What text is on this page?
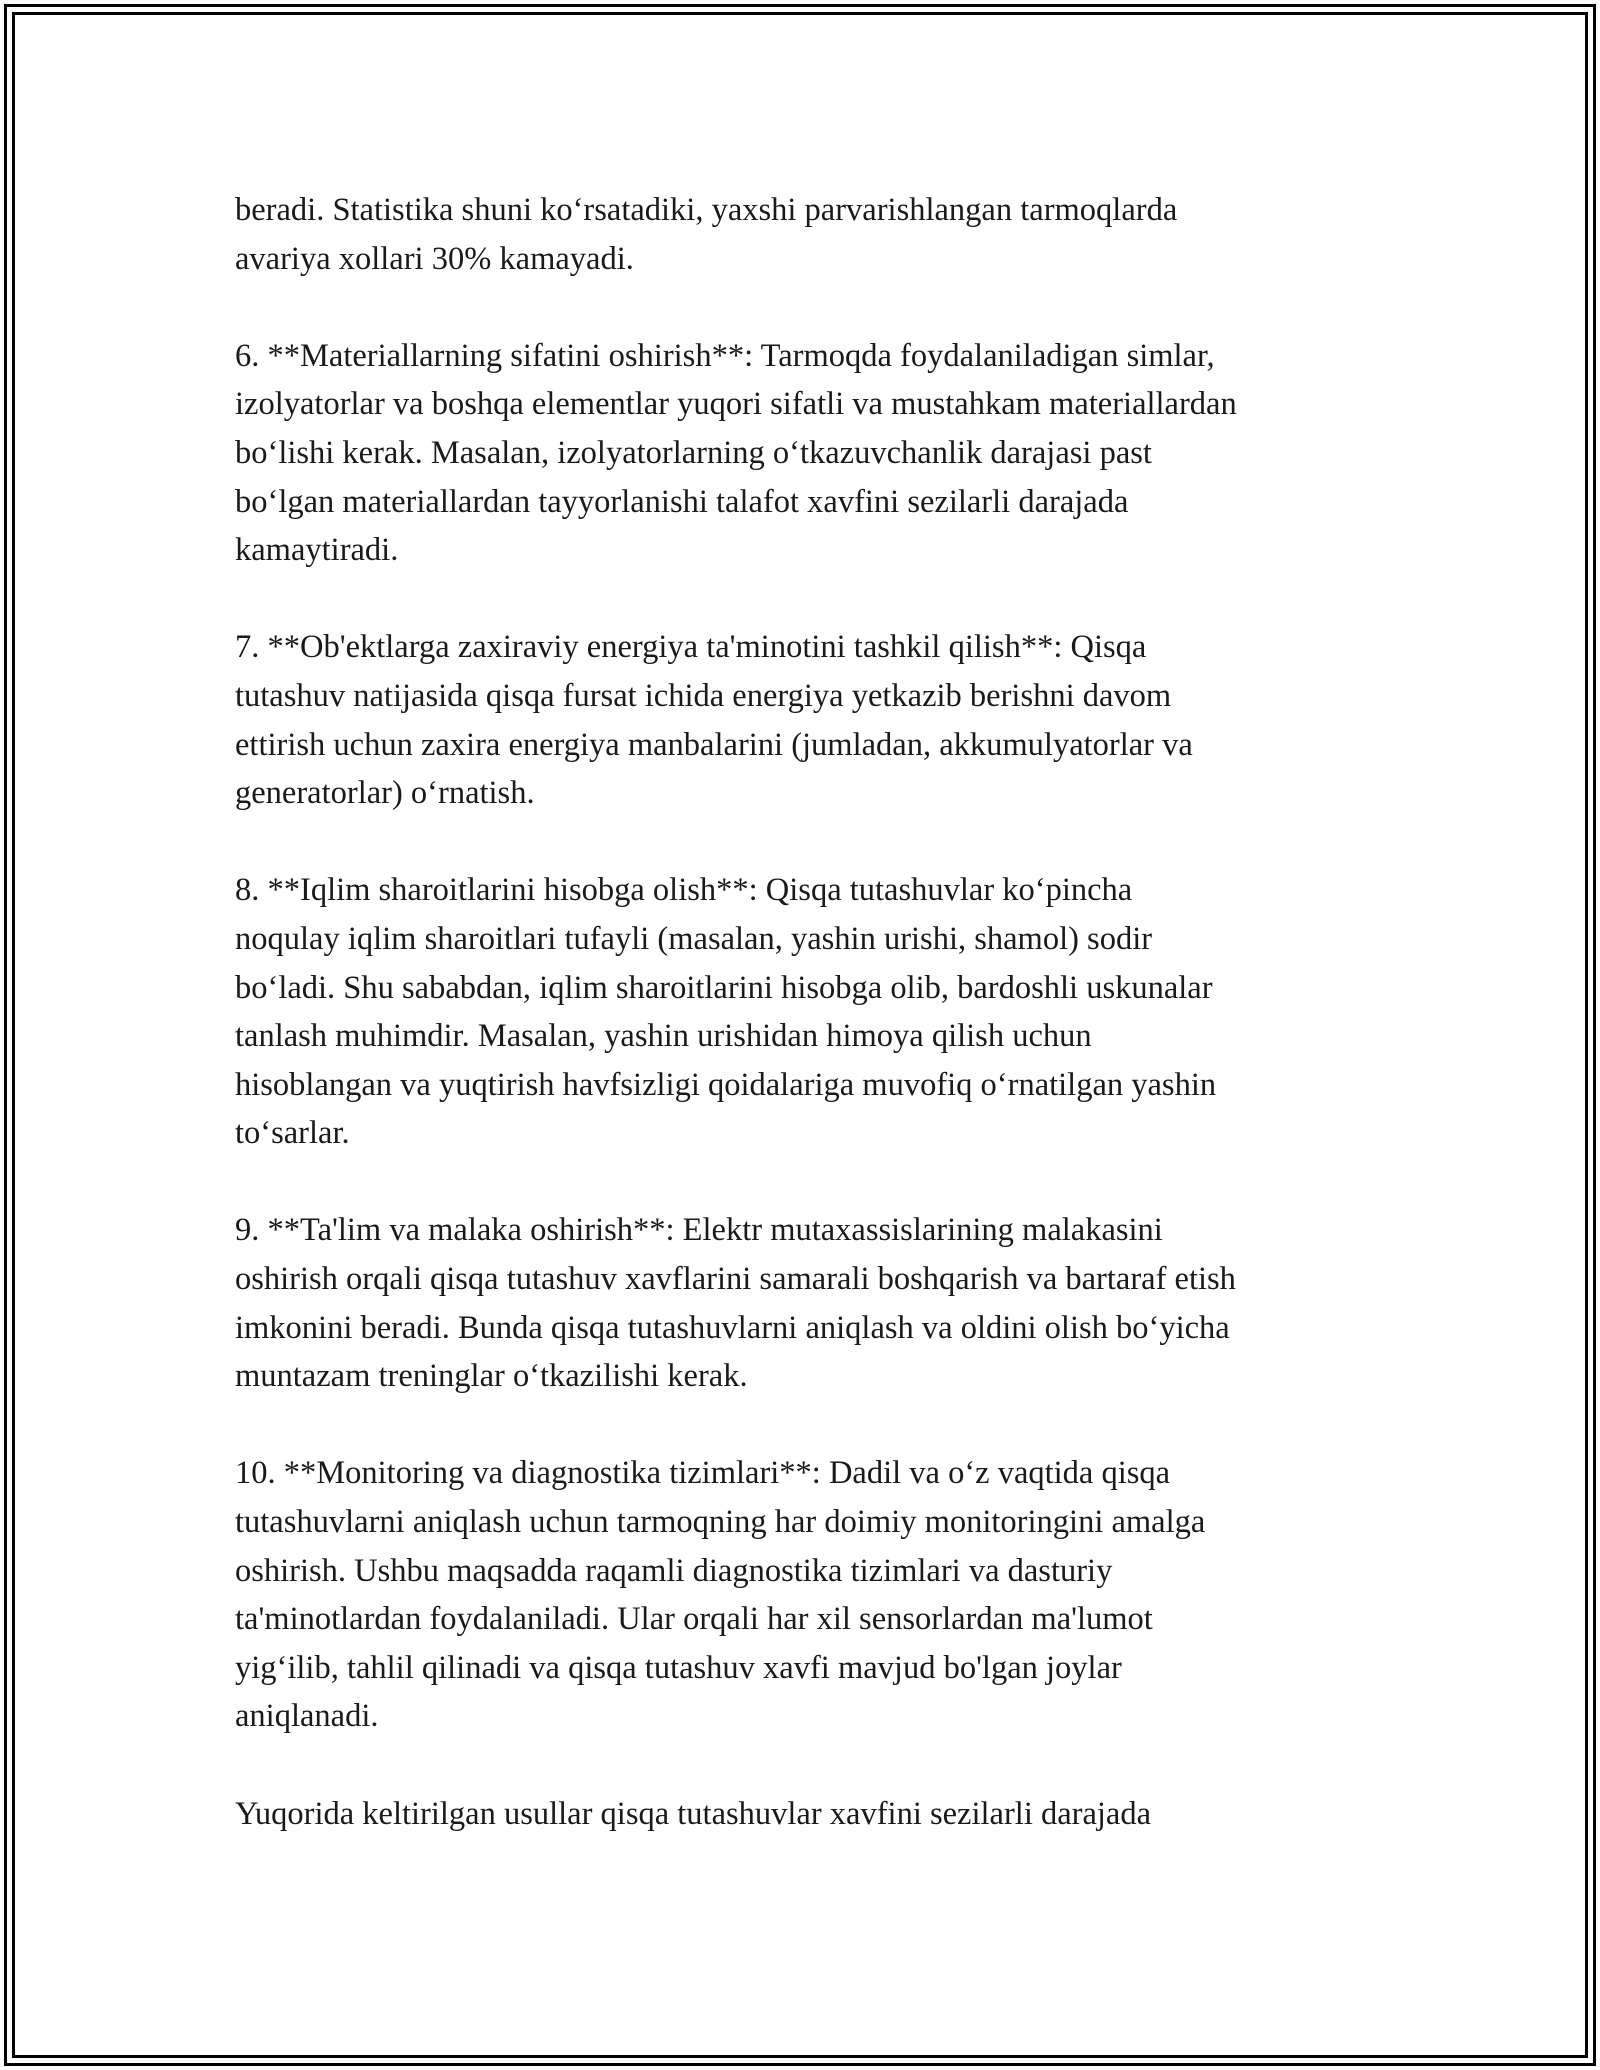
beradi. Statistika shuni ko‘rsatadiki, yaxshi parvarishlangan tarmoqlarda
avariya xollari 30% kamayadi.

6. **Materiallarning sifatini oshirish**: Tarmoqda foydalaniladigan simlar,
izolyatorlar va boshqa elementlar yuqori sifatli va mustahkam materiallardan
bo‘lishi kerak. Masalan, izolyatorlarning o‘tkazuvchanlik darajasi past
bo‘lgan materiallardan tayyorlanishi talafot xavfini sezilarli darajada
kamaytiradi.

7. **Ob'ektlarga zaxiraviy energiya ta'minotini tashkil qilish**: Qisqa
tutashuv natijasida qisqa fursat ichida energiya yetkazib berishni davom
ettirish uchun zaxira energiya manbalarini (jumladan, akkumulyatorlar va
generatorlar) o‘rnatish.

8. **Iqlim sharoitlarini hisobga olish**: Qisqa tutashuvlar ko‘pincha
noqulay iqlim sharoitlari tufayli (masalan, yashin urishi, shamol) sodir
bo‘ladi. Shu sababdan, iqlim sharoitlarini hisobga olib, bardoshli uskunalar
tanlash muhimdir. Masalan, yashin urishidan himoya qilish uchun
hisoblangan va yuqtirish havfsizligi qoidalariga muvofiq o‘rnatilgan yashin
to‘sarlar.

9. **Ta'lim va malaka oshirish**: Elektr mutaxassislarining malakasini
oshirish orqali qisqa tutashuv xavflarini samarali boshqarish va bartaraf etish
imkonini beradi. Bunda qisqa tutashuvlarni aniqlash va oldini olish bo‘yicha
muntazam treninglar o‘tkazilishi kerak.

10. **Monitoring va diagnostika tizimlari**: Dadil va o‘z vaqtida qisqa
tutashuvlarni aniqlash uchun tarmoqning har doimiy monitoringini amalga
oshirish. Ushbu maqsadda raqamli diagnostika tizimlari va dasturiy
ta'minotlardan foydalaniladi. Ular orqali har xil sensorlardan ma'lumot
yig‘ilib, tahlil qilinadi va qisqa tutashuv xavfi mavjud bo'lgan joylar
aniqlanadi.

Yuqorida keltirilgan usullar qisqa tutashuvlar xavfini sezilarli darajada
